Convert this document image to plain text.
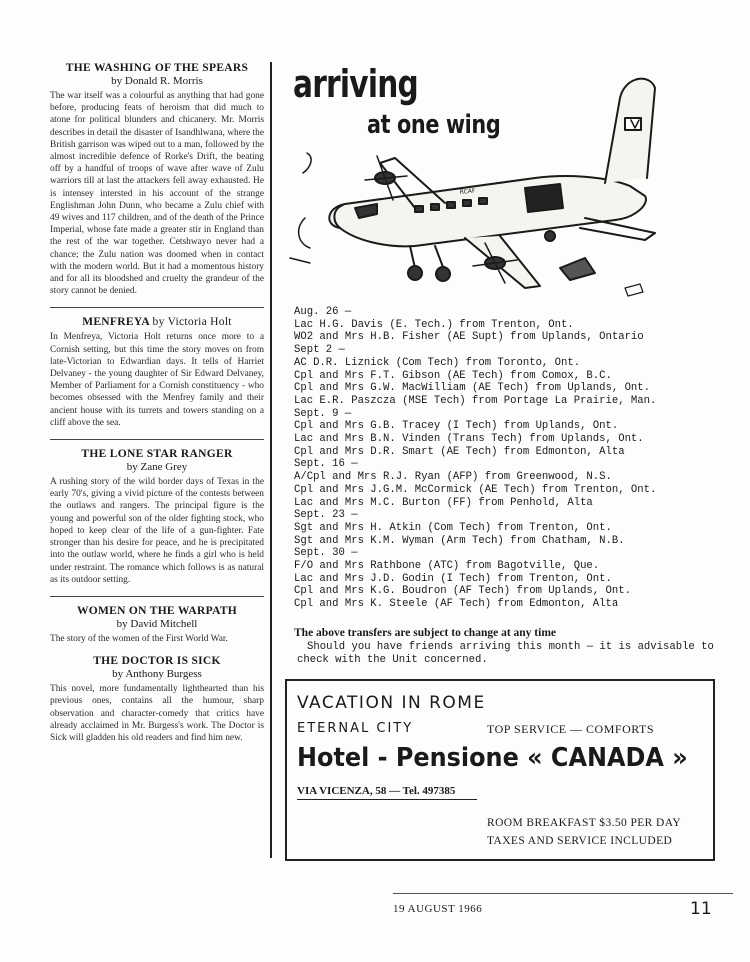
THE WASHING OF THE SPEARS
by Donald R. Morris
The war itself was a colourful as anything that had gone before, producing feats of heroism that did much to atone for political blunders and chicanery. Mr. Morris describes in detail the disaster of Isandhlwana, where the British garrison was wiped out to a man, followed by the almost incredible defence of Rorke's Drift, the beating off by a handful of troops of wave after wave of Zulu warriors till at last the attackers fell away exhausted. He is intensey intersted in his account of the strange Englishman John Dunn, who became a Zulu chief with 49 wives and 117 children, and of the death of the Prince Imperial, whose fate made a greater stir in England than the rest of the war together. Cetshwayo never had a chance; the Zulu nation was doomed when in contact with the modern world. But it had a momentous history and for all its bloodshed and cruelty the grandeur of the story cannot be denied.
MENFREYA by Victoria Holt
In Menfreya, Victoria Holt returns once more to a Cornish setting, but this time the story moves on from late-Victorian to Edwardian days. It tells of Harriet Delvaney - the young daughter of Sir Edward Delvaney, Member of Parliament for a Cornish constituency - who becomes obsessed with the Menfrey family and their ancient house with its turrets and towers standing on a cliff above the sea.
THE LONE STAR RANGER
by Zane Grey
A rushing story of the wild border days of Texas in the early 70's, giving a vivid picture of the contests between the outlaws and rangers. The principal figure is the young and powerful son of the older fighting stock, who hoped to keep clear of the life of a gun-fighter. Fate stronger than his desire for peace, and he is precipitated into the outlaw world, where he finds a girl who is held under restraint. The romance which follows is as natural as its outdoor setting.
WOMEN ON THE WARPATH
by David Mitchell
The story of the women of the First World War.
THE DOCTOR IS SICK
by Anthony Burgess
This novel, more fundamentally lighthearted than his previous ones, contains all the humour, sharp observation and character-comedy that critics have already acclaimed in Mr. Burgess's work. The Doctor is Sick will gladden his old readers and find him new.
RCAF
arriving
at one wing
Aug. 26 —
Lac H.G. Davis (E. Tech.) from Trenton, Ont.
WO2 and Mrs H.B. Fisher (AE Supt) from Uplands, Ontario
Sept 2 —
AC D.R. Liznick (Com Tech) from Toronto, Ont.
Cpl and Mrs F.T. Gibson (AE Tech) from Comox, B.C.
Cpl and Mrs G.W. MacWilliam (AE Tech) from Uplands, Ont.
Lac E.R. Paszcza (MSE Tech) from Portage La Prairie, Man.
Sept. 9 —
Cpl and Mrs G.B. Tracey (I Tech) from Uplands, Ont.
Lac and Mrs B.N. Vinden (Trans Tech) from Uplands, Ont.
Cpl and Mrs D.R. Smart (AE Tech) from Edmonton, Alta
Sept. 16 —
A/Cpl and Mrs R.J. Ryan (AFP) from Greenwood, N.S.
Cpl and Mrs J.G.M. McCormick (AE Tech) from Trenton, Ont.
Lac and Mrs M.C. Burton (FF) from Penhold, Alta
Sept. 23 —
Sgt and Mrs H. Atkin (Com Tech) from Trenton, Ont.
Sgt and Mrs K.M. Wyman (Arm Tech) from Chatham, N.B.
Sept. 30 —
F/O and Mrs Rathbone (ATC) from Bagotville, Que.
Lac and Mrs J.D. Godin (I Tech) from Trenton, Ont.
Cpl and Mrs K.G. Boudron (AF Tech) from Uplands, Ont.
Cpl and Mrs K. Steele (AF Tech) from Edmonton, Alta
The above transfers are subject to change at any time
Should you have friends arriving this month — it is advisable to check with the Unit concerned.
VACATION IN ROME
ETERNAL CITY	TOP SERVICE — COMFORTS
Hotel - Pensione « CANADA »
VIA VICENZA, 58 — Tel. 497385
ROOM BREAKFAST $3.50 PER DAY
TAXES AND SERVICE INCLUDED
19 AUGUST 1966	11
